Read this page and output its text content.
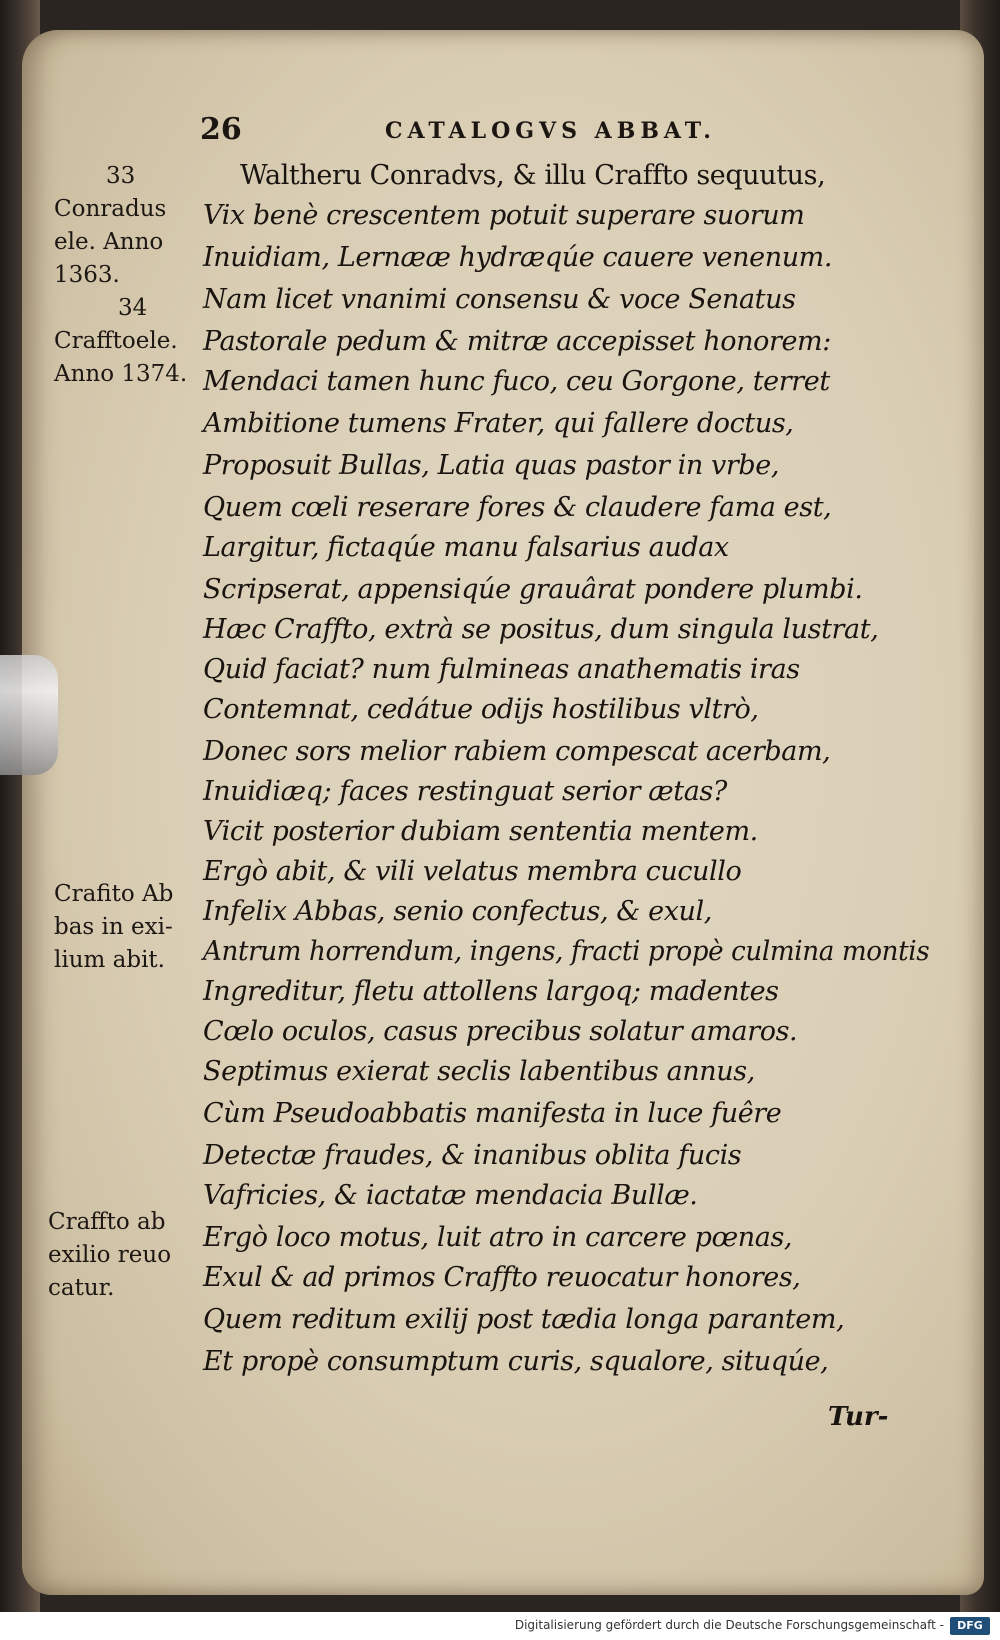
26	CATALOGVS ABBAT.
33
Conradus
ele. Anno
1363.
34
Crafftoele.
Anno 1374.
Crafito Ab
bas in exi-
lium abit.
Craffto ab
exilio reuo
catur.
Waltheru Conradvs, & illu Craffto sequutus,
Vix benè crescentem potuit superare suorum
Inuidiam, Lernææ hydræqúe cauere venenum.
Nam licet vnanimi consensu & voce Senatus
Pastorale pedum & mitræ accepisset honorem:
Mendaci tamen hunc fuco, ceu Gorgone, terret
Ambitione tumens Frater, qui fallere doctus,
Proposuit Bullas, Latia quas pastor in vrbe,
Quem cœli reserare fores & claudere fama est,
Largitur, fictaqúe manu falsarius audax
Scripserat, appensiqúe grauârat pondere plumbi.
Hæc Craffto, extrà se positus, dum singula lustrat,
Quid faciat? num fulmineas anathematis iras
Contemnat, cedátue odijs hostilibus vltrò,
Donec sors melior rabiem compescat acerbam,
Inuidiæq; faces restinguat serior ætas?
Vicit posterior dubiam sententia mentem.
Ergò abit, & vili velatus membra cucullo
Infelix Abbas, senio confectus, & exul,
Antrum horrendum, ingens, fracti propè culmina montis
Ingreditur, fletu attollens largoq; madentes
Cœlo oculos, casus precibus solatur amaros.
Septimus exierat seclis labentibus annus,
Cùm Pseudoabbatis manifesta in luce fuêre
Detectæ fraudes, & inanibus oblita fucis
Vafricies, & iactatæ mendacia Bullæ.
Ergò loco motus, luit atro in carcere pœnas,
Exul & ad primos Craffto reuocatur honores,
Quem reditum exilij post tædia longa parantem,
Et propè consumptum curis, squalore, situqúe,
Tur-
Digitalisierung gefördert durch die Deutsche Forschungsgemeinschaft -	DFG
